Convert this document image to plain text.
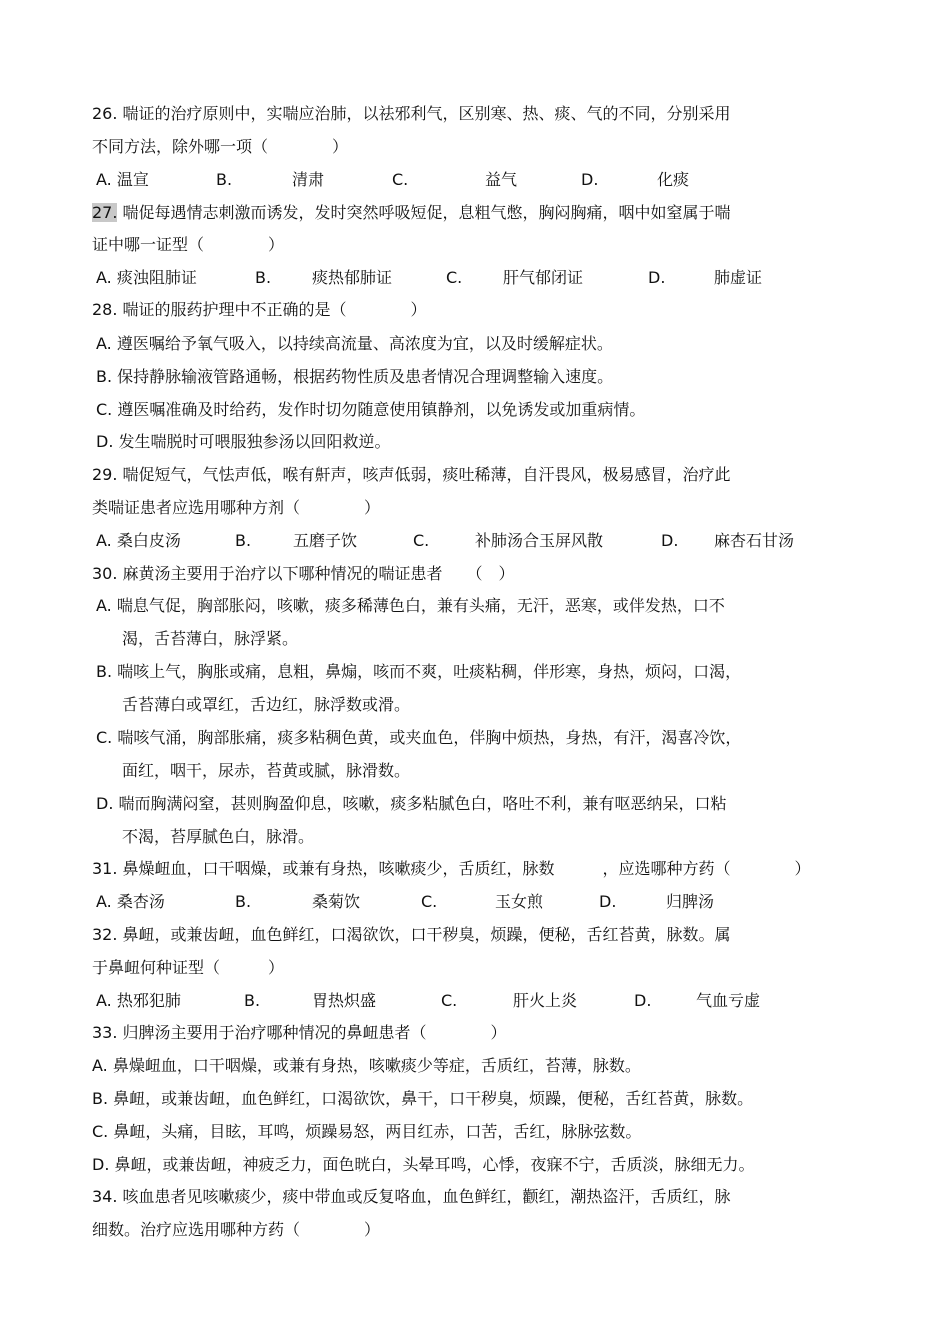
26. 喘证的治疗原则中，实喘应治肺，以祛邪利气，区别寒、热、痰、气的不同，分别采用
不同方法，除外哪一项（　　　　）
A. 温宣	B.	清肃	C.	益气	D.	化痰
27. 喘促每遇情志刺激而诱发，发时突然呼吸短促，息粗气憋，胸闷胸痛，咽中如窒属于喘
证中哪一证型（　　　　）
A. 痰浊阻肺证	B.	痰热郁肺证	C.	肝气郁闭证	D.	肺虚证
28. 喘证的服药护理中不正确的是（　　　　）
A. 遵医嘱给予氧气吸入，以持续高流量、高浓度为宜，以及时缓解症状。
B. 保持静脉输液管路通畅，根据药物性质及患者情况合理调整输入速度。
C. 遵医嘱准确及时给药，发作时切勿随意使用镇静剂，以免诱发或加重病情。
D. 发生喘脱时可喂服独参汤以回阳救逆。
29. 喘促短气，气怯声低，喉有鼾声，咳声低弱，痰吐稀薄，自汗畏风，极易感冒，治疗此
类喘证患者应选用哪种方剂（　　　　）
A. 桑白皮汤	B.	五磨子饮	C.	补肺汤合玉屏风散	D. 麻杏石甘汤
30. 麻黄汤主要用于治疗以下哪种情况的喘证患者　　（　）
A. 喘息气促，胸部胀闷，咳嗽，痰多稀薄色白，兼有头痛，无汗，恶寒，或伴发热，口不
渴，舌苔薄白，脉浮紧。
B. 喘咳上气，胸胀或痛，息粗，鼻煽，咳而不爽，吐痰粘稠，伴形寒，身热，烦闷，口渴，
舌苔薄白或罩红，舌边红，脉浮数或滑。
C. 喘咳气涌，胸部胀痛，痰多粘稠色黄，或夹血色，伴胸中烦热，身热，有汗，渴喜冷饮，
面红，咽干，尿赤，苔黄或腻，脉滑数。
D. 喘而胸满闷窒，甚则胸盈仰息，咳嗽，痰多粘腻色白，咯吐不利，兼有呕恶纳呆，口粘
不渴，苔厚腻色白，脉滑。
31. 鼻燥衄血，口干咽燥，或兼有身热，咳嗽痰少，舌质红，脉数　　　，应选哪种方药（　　　　）
A. 桑杏汤	B.	桑菊饮	C.	玉女煎	D.	归脾汤
32. 鼻衄，或兼齿衄，血色鲜红，口渴欲饮，口干秽臭，烦躁，便秘，舌红苔黄，脉数。属
于鼻衄何种证型（　　　）
A. 热邪犯肺	B.	胃热炽盛	C.	肝火上炎	D.	气血亏虚
33. 归脾汤主要用于治疗哪种情况的鼻衄患者（　　　　）
A. 鼻燥衄血，口干咽燥，或兼有身热，咳嗽痰少等症，舌质红，苔薄，脉数。
B. 鼻衄，或兼齿衄，血色鲜红，口渴欲饮，鼻干，口干秽臭，烦躁，便秘，舌红苔黄，脉数。
C. 鼻衄，头痛，目眩，耳鸣，烦躁易怒，两目红赤，口苦，舌红，脉脉弦数。
D. 鼻衄，或兼齿衄，神疲乏力，面色晄白，头晕耳鸣，心悸，夜寐不宁，舌质淡，脉细无力。
34. 咳血患者见咳嗽痰少，痰中带血或反复咯血，血色鲜红，颧红，潮热盗汗，舌质红，脉
细数。治疗应选用哪种方药（　　　　）
